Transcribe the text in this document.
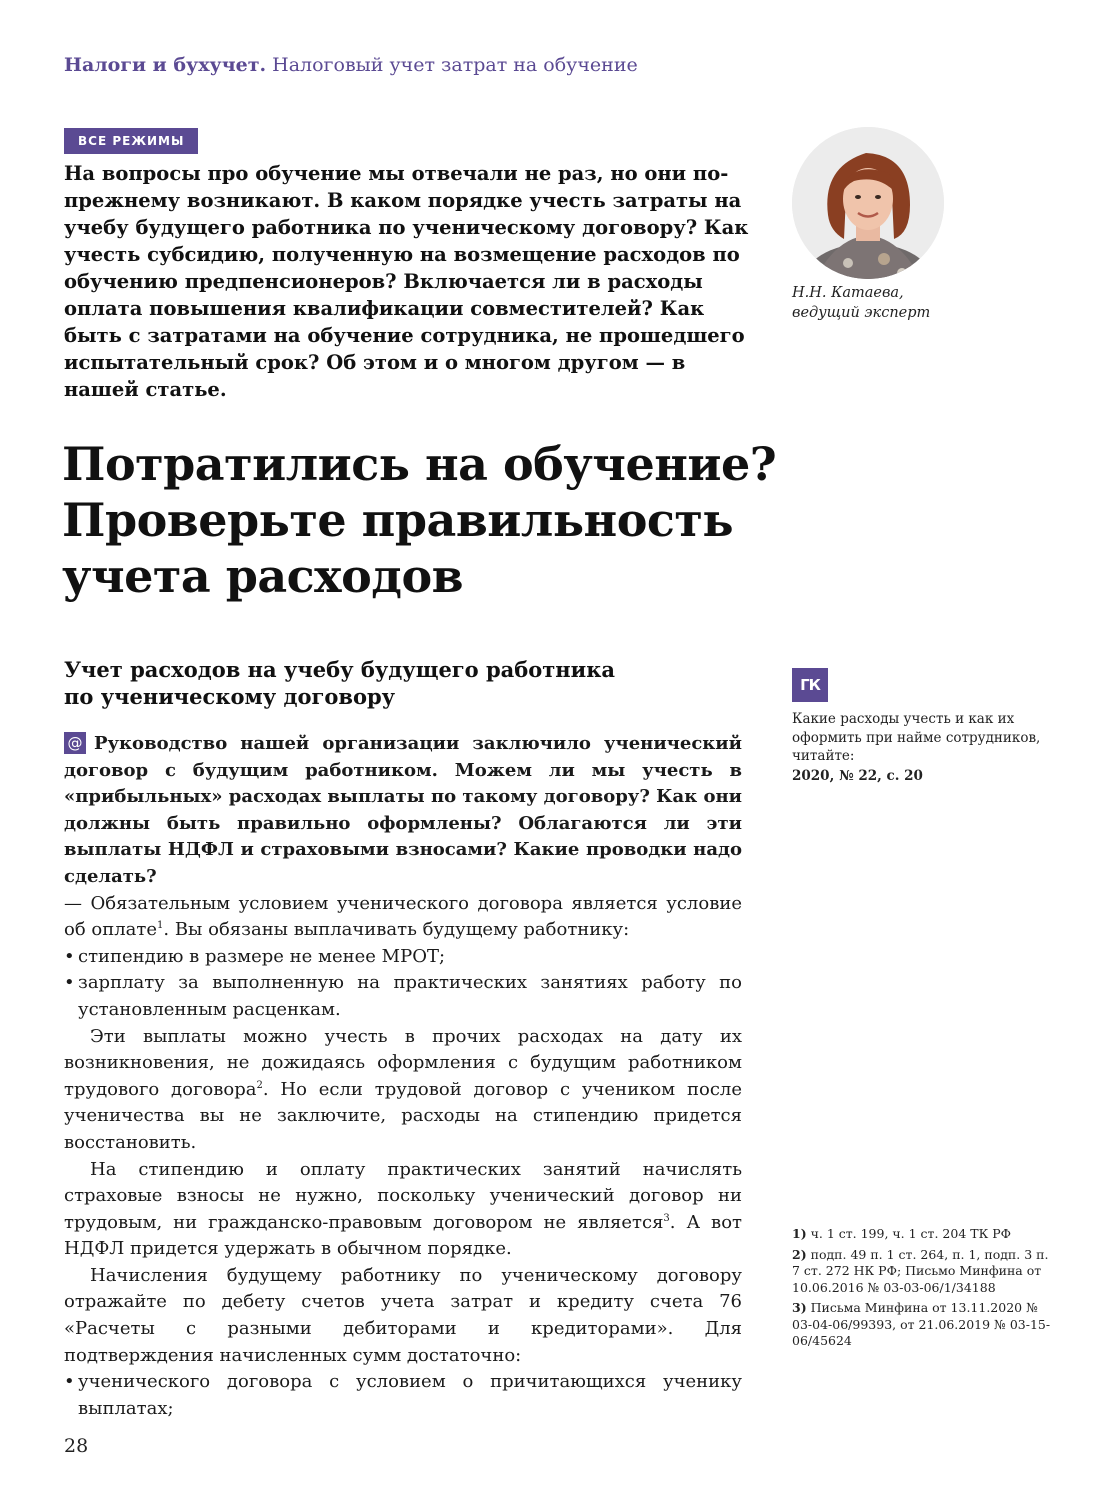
Налоги и бухучет. Налоговый учет затрат на обучение
ВСЕ РЕЖИМЫ
На вопросы про обучение мы отвечали не раз, но они по-прежнему возникают. В каком порядке учесть затраты на учебу будущего работника по ученическому договору? Как учесть субсидию, полученную на возмещение расходов по обучению предпенсионеров? Включается ли в расходы оплата повышения квалификации совместителей? Как быть с затратами на обучение сотрудника, не прошедшего испытательный срок? Об этом и о многом другом — в нашей статье.
Н.Н. Катаева,
ведущий эксперт
Потратились на обучение?
Проверьте правильность
учета расходов
Учет расходов на учебу будущего работника
по ученическому договору

@ Руководство нашей организации заключило ученический договор с будущим работником. Можем ли мы учесть в «прибыльных» расходах выплаты по такому договору? Как они должны быть правильно оформлены? Облагаются ли эти выплаты НДФЛ и страховыми взносами? Какие проводки надо сделать?

— Обязательным условием ученического договора является условие об оплате$^1$. Вы обязаны выплачивать будущему работнику:

• стипендию в размере не менее МРОТ;

• зарплату за выполненную на практических занятиях работу по установленным расценкам.

Эти выплаты можно учесть в прочих расходах на дату их возникновения, не дожидаясь оформления с будущим работником трудового договора$^2$. Но если трудовой договор с учеником после ученичества вы не заключите, расходы на стипендию придется восстановить.

На стипендию и оплату практических занятий начислять страховые взносы не нужно, поскольку ученический договор ни трудовым, ни гражданско-правовым договором не является$^3$. А вот НДФЛ придется удержать в обычном порядке.

Начисления будущему работнику по ученическому договору отражайте по дебету счетов учета затрат и кредиту счета 76 «Расчеты с разными дебиторами и кредиторами». Для подтверждения начисленных сумм достаточно:

• ученического договора с условием о причитающихся ученику выплатах;

ГК
Какие расходы учесть и как их оформить при найме сотрудников, читайте:
2020, № 22, с. 20
1) ч. 1 ст. 199, ч. 1 ст. 204 ТК РФ
2) подп. 49 п. 1 ст. 264, п. 1, подп. 3 п. 7 ст. 272 НК РФ; Письмо Минфина от 10.06.2016 № 03-03-06/1/34188
3) Письма Минфина от 13.11.2020 № 03-04-06/99393, от 21.06.2019 № 03-15-06/45624
28
